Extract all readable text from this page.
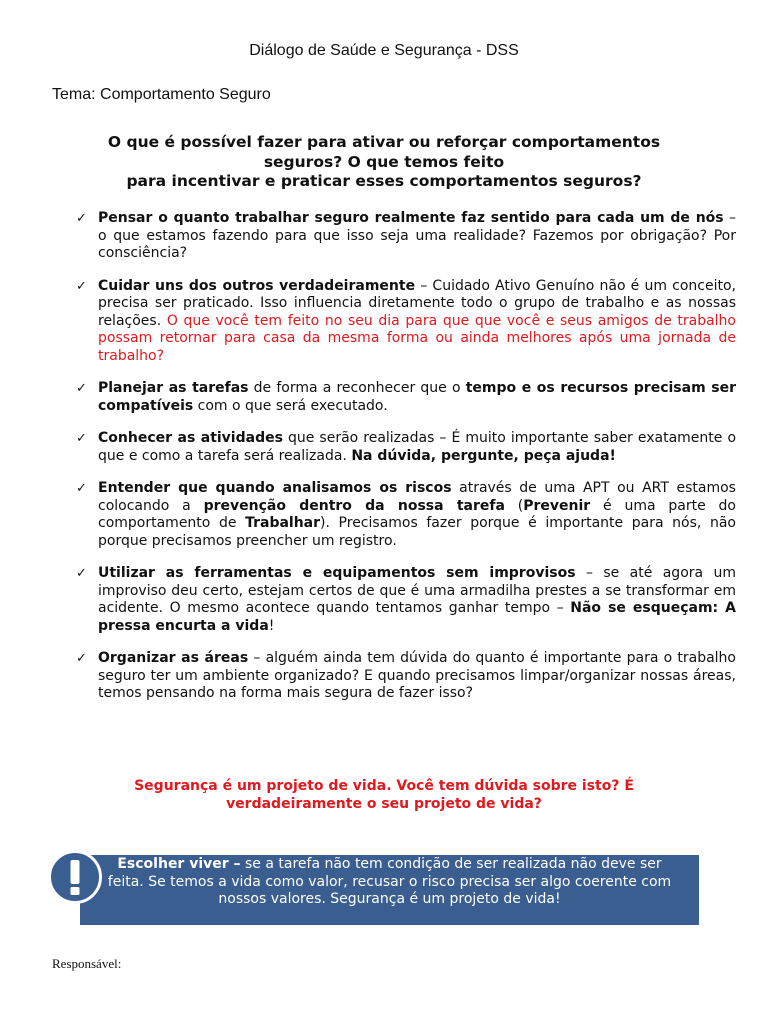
Diálogo de Saúde e Segurança - DSS
Tema: Comportamento Seguro
O que é possível fazer para ativar ou reforçar comportamentos
seguros? O que temos feito
para incentivar e praticar esses comportamentos seguros?
✓ Pensar o quanto trabalhar seguro realmente faz sentido para cada um de nós – o que estamos fazendo para que isso seja uma realidade? Fazemos por obrigação? Por consciência?
✓ Cuidar uns dos outros verdadeiramente – Cuidado Ativo Genuíno não é um conceito, precisa ser praticado. Isso influencia diretamente todo o grupo de trabalho e as nossas relações. O que você tem feito no seu dia para que que você e seus amigos de trabalho possam retornar para casa da mesma forma ou ainda melhores após uma jornada de trabalho?
✓ Planejar as tarefas de forma a reconhecer que o tempo e os recursos precisam ser compatíveis com o que será executado.
✓ Conhecer as atividades que serão realizadas – É muito importante saber exatamente o que e como a tarefa será realizada. Na dúvida, pergunte, peça ajuda!
✓ Entender que quando analisamos os riscos através de uma APT ou ART estamos colocando a prevenção dentro da nossa tarefa (Prevenir é uma parte do comportamento de Trabalhar). Precisamos fazer porque é importante para nós, não porque precisamos preencher um registro.
✓ Utilizar as ferramentas e equipamentos sem improvisos – se até agora um improviso deu certo, estejam certos de que é uma armadilha prestes a se transformar em acidente. O mesmo acontece quando tentamos ganhar tempo – Não se esqueçam: A pressa encurta a vida!
✓ Organizar as áreas – alguém ainda tem dúvida do quanto é importante para o trabalho seguro ter um ambiente organizado? E quando precisamos limpar/organizar nossas áreas, temos pensando na forma mais segura de fazer isso?
Segurança é um projeto de vida. Você tem dúvida sobre isto? É
verdadeiramente o seu projeto de vida?
Escolher viver – se a tarefa não tem condição de ser realizada não deve ser feita. Se temos a vida como valor, recusar o risco precisa ser algo coerente com nossos valores. Segurança é um projeto de vida!
Responsável:
